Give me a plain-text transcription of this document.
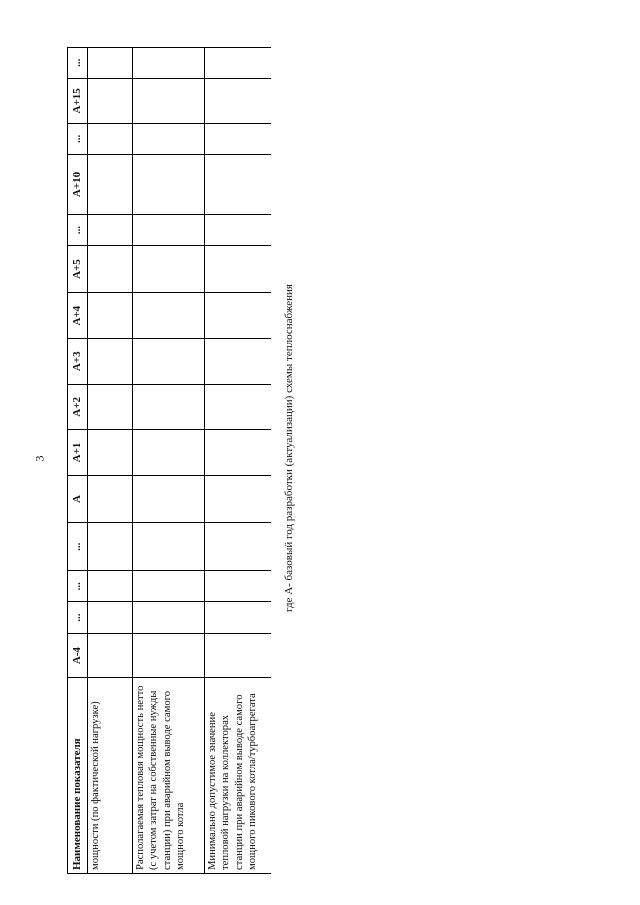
3
Наименование показателя	А-4	...	...	...	А	А+1	А+2	А+3	А+4	А+5	...	А+10	...	А+15	...
мощности (по фактической нагрузке)															
Располагаемая тепловая мощность нетто (с учетом затрат на собственные нужды станции) при аварийном выводе самого мощного котла															
Минимально допустимое значение тепловой нагрузки на коллекторах станции при аварийном выводе самого мощного пикового котла/турбоагрегата															
где А- базовый год разработки (актуализации) схемы теплоснабжения
